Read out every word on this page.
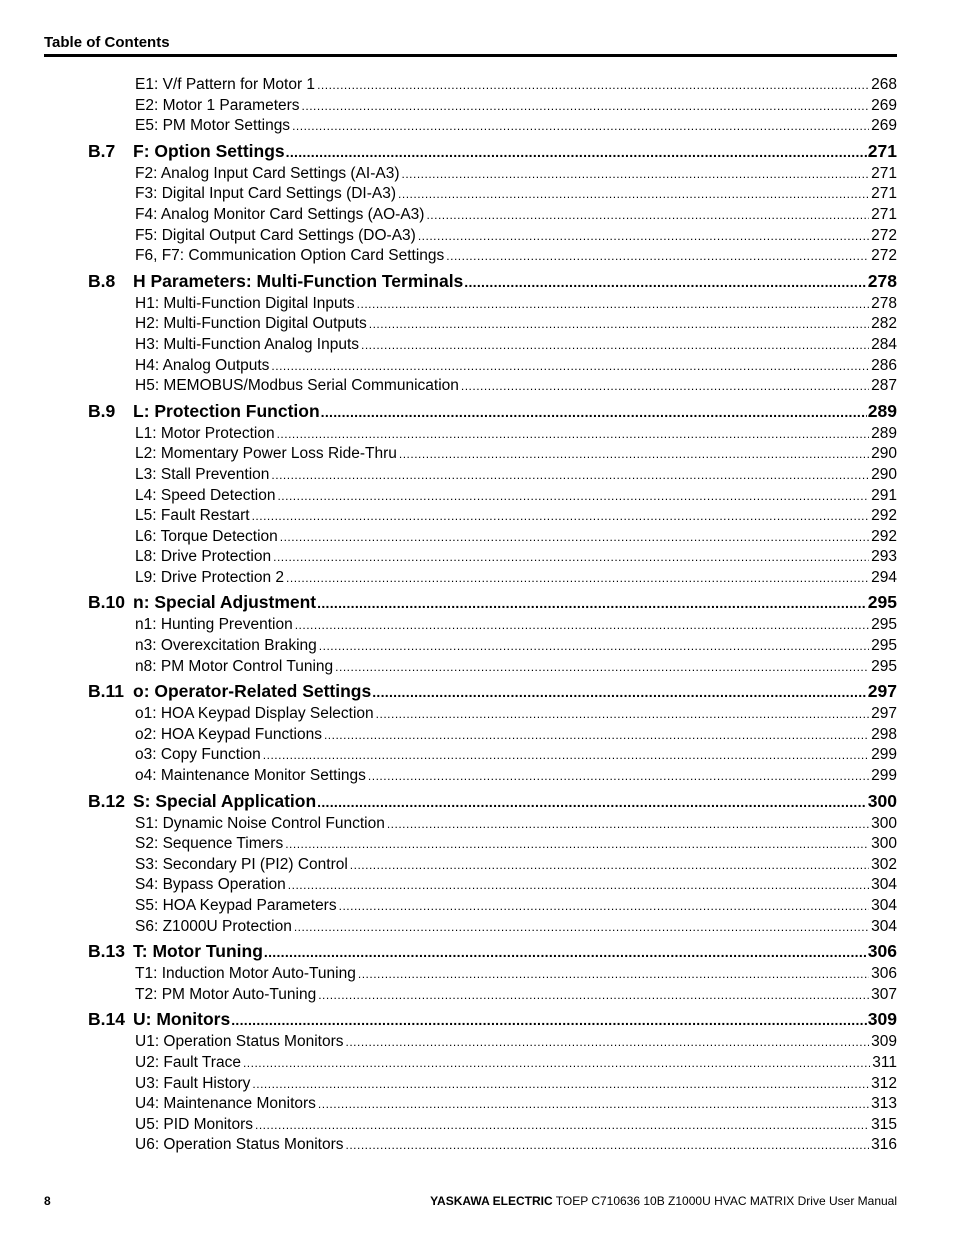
Table of Contents
E1: V/f Pattern for Motor 1 .....	268
E2: Motor 1 Parameters .....	269
E5: PM Motor Settings .....	269
B.7	F: Option Settings .....	271
F2: Analog Input Card Settings (AI-A3) .....	271
F3: Digital Input Card Settings (DI-A3) .....	271
F4: Analog Monitor Card Settings (AO-A3) .....	271
F5: Digital Output Card Settings (DO-A3) .....	272
F6, F7: Communication Option Card Settings .....	272
B.8	H Parameters: Multi-Function Terminals .....	278
H1: Multi-Function Digital Inputs .....	278
H2: Multi-Function Digital Outputs .....	282
H3: Multi-Function Analog Inputs .....	284
H4: Analog Outputs .....	286
H5: MEMOBUS/Modbus Serial Communication .....	287
B.9	L: Protection Function .....	289
L1: Motor Protection .....	289
L2: Momentary Power Loss Ride-Thru .....	290
L3: Stall Prevention .....	290
L4: Speed Detection .....	291
L5: Fault Restart .....	292
L6: Torque Detection .....	292
L8: Drive Protection .....	293
L9: Drive Protection 2 .....	294
B.10 n: Special Adjustment .....	295
n1: Hunting Prevention .....	295
n3: Overexcitation Braking .....	295
n8: PM Motor Control Tuning .....	295
B.11 o: Operator-Related Settings .....	297
o1: HOA Keypad Display Selection .....	297
o2: HOA Keypad Functions .....	298
o3: Copy Function .....	299
o4: Maintenance Monitor Settings .....	299
B.12 S: Special Application .....	300
S1: Dynamic Noise Control Function .....	300
S2: Sequence Timers .....	300
S3: Secondary PI (PI2) Control .....	302
S4: Bypass Operation .....	304
S5: HOA Keypad Parameters .....	304
S6: Z1000U Protection .....	304
B.13 T: Motor Tuning .....	306
T1: Induction Motor Auto-Tuning .....	306
T2: PM Motor Auto-Tuning .....	307
B.14 U: Monitors .....	309
U1: Operation Status Monitors .....	309
U2: Fault Trace .....	311
U3: Fault History .....	312
U4: Maintenance Monitors .....	313
U5: PID Monitors .....	315
U6: Operation Status Monitors .....	316
8	YASKAWA ELECTRIC TOEP C710636 10B Z1000U HVAC MATRIX Drive User Manual
